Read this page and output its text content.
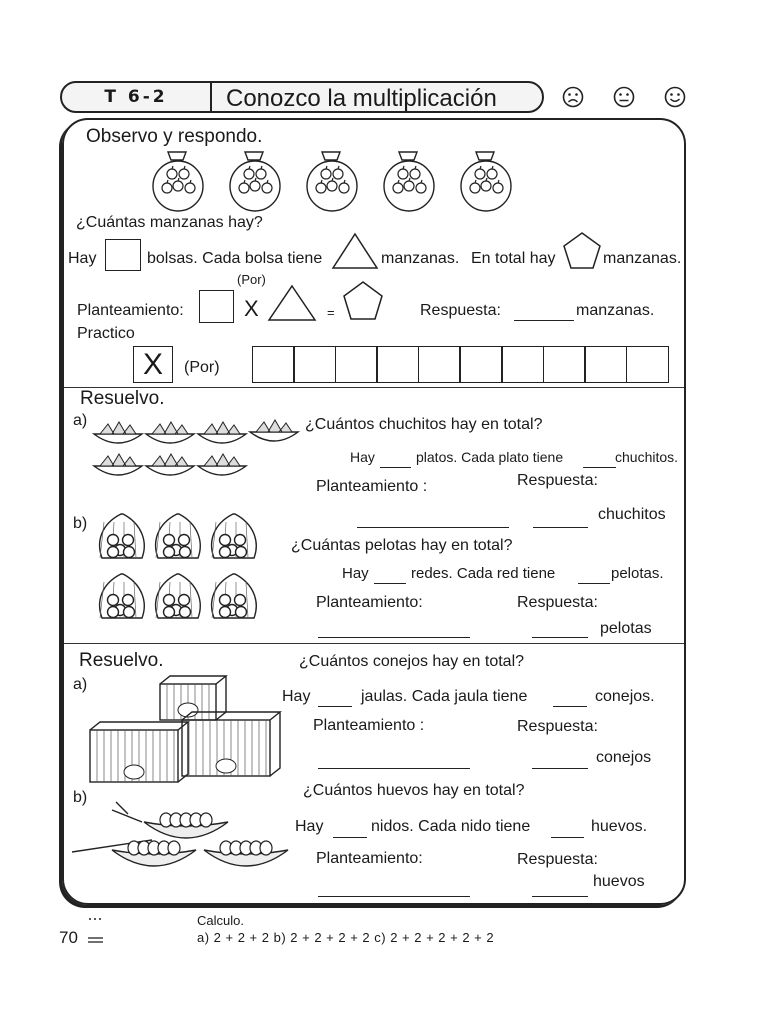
T 6-2	Conozco la multiplicación
Observo y respondo.
¿Cuántas manzanas hay?
Hay	bolsas. Cada bolsa tiene
(Por)
manzanas. En total hay	manzanas.
Planteamiento:	X	=	Respuesta:	manzanas.
Practico
X	(Por)
Resuelvo.
a)	¿Cuántos chuchitos hay en total?
Hay	platos. Cada plato tiene	chuchitos.
Planteamiento :	Respuesta:
chuchitos
b)
¿Cuántas pelotas hay en total?
Hay	redes. Cada red tiene	pelotas.
Planteamiento:	Respuesta:
pelotas
Resuelvo.	¿Cuántos conejos hay en total?
a)
Hay	jaulas. Cada jaula tiene	conejos.
Planteamiento :	Respuesta:
conejos
b)	¿Cuántos huevos hay en total?
Hay	nidos. Cada nido tiene	huevos.
Planteamiento:	Respuesta:
huevos
70
Calculo.
a) 2 + 2 + 2 b) 2 + 2 + 2 + 2 c) 2 + 2 + 2 + 2 + 2
